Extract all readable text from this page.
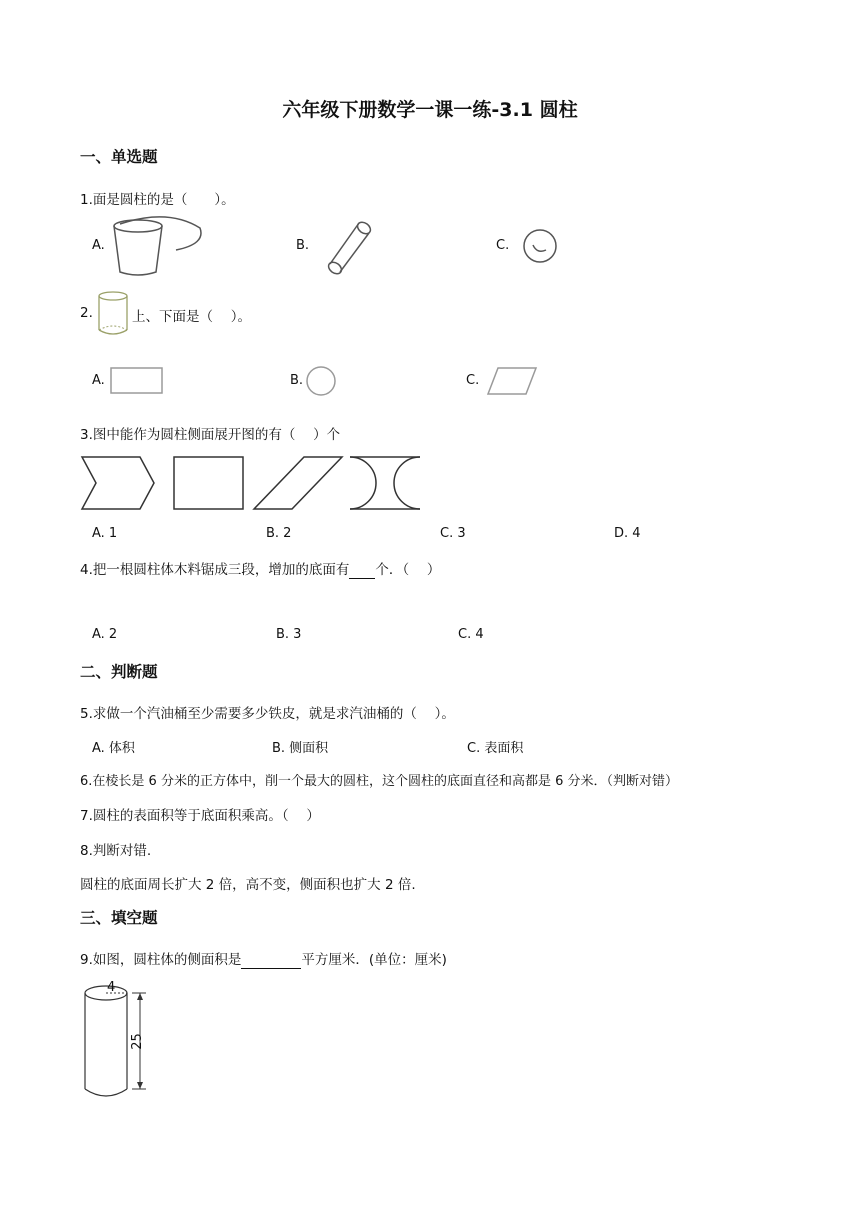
六年级下册数学一课一练-3.1 圆柱
一、单选题
1.面是圆柱的是（　　）。
A.	B.	C.
2.	上、下面是（　 ）。
A.	B.	C.
3.图中能作为圆柱侧面展开图的有（　 ）个
A. 1	B. 2	C. 3	D. 4
4.把一根圆柱体木料锯成三段，增加的底面有 个．（　 ）
A. 2	B. 3	C. 4
二、判断题
5.求做一个汽油桶至少需要多少铁皮，就是求汽油桶的（　 ）。
A. 体积	B. 侧面积	C. 表面积
6.在棱长是 6 分米的正方体中，削一个最大的圆柱，这个圆柱的底面直径和高都是 6 分米．（判断对错）
7.圆柱的表面积等于底面积乘高。（　 ）
8.判断对错.
圆柱的底面周长扩大 2 倍，高不变，侧面积也扩大 2 倍.
三、填空题
9.如图，圆柱体的侧面积是	平方厘米．(单位：厘米)
4
25
